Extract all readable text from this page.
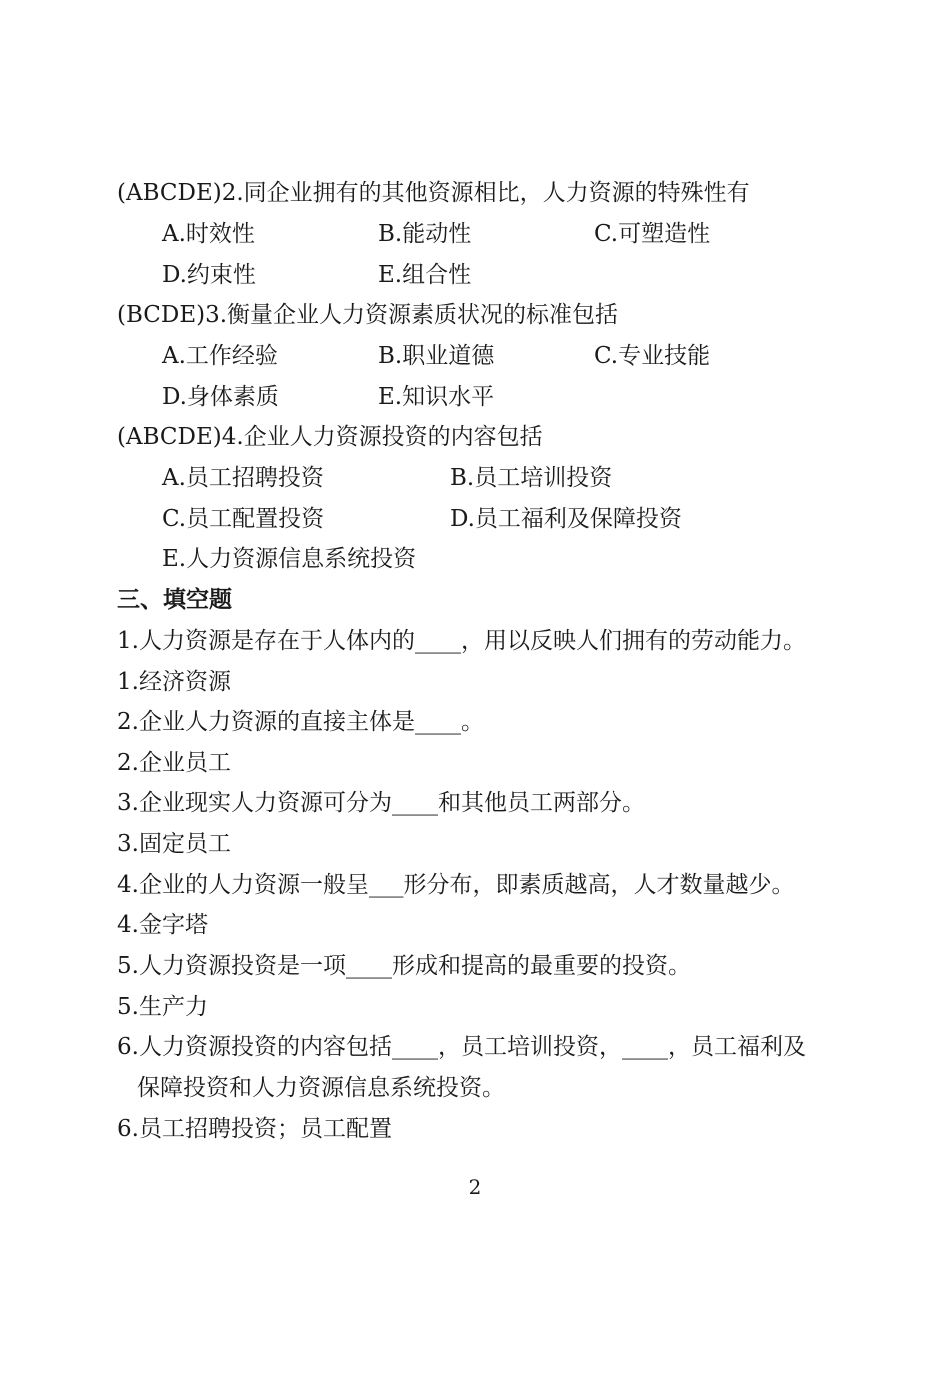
(ABCDE)2.同企业拥有的其他资源相比，人力资源的特殊性有
A.时效性	B.能动性	C.可塑造性
D.约束性	E.组合性
(BCDE)3.衡量企业人力资源素质状况的标准包括
A.工作经验	B.职业道德	C.专业技能
D.身体素质	E.知识水平
(ABCDE)4.企业人力资源投资的内容包括
A.员工招聘投资	B.员工培训投资
C.员工配置投资	D.员工福利及保障投资
E.人力资源信息系统投资
三、填空题
1.人力资源是存在于人体内的____，用以反映人们拥有的劳动能力。
1.经济资源
2.企业人力资源的直接主体是____。
2.企业员工
3.企业现实人力资源可分为____和其他员工两部分。
3.固定员工
4.企业的人力资源一般呈___形分布，即素质越高，人才数量越少。
4.金字塔
5.人力资源投资是一项____形成和提高的最重要的投资。
5.生产力
6.人力资源投资的内容包括____，员工培训投资，____，员工福利及
保障投资和人力资源信息系统投资。
6.员工招聘投资；员工配置
2
